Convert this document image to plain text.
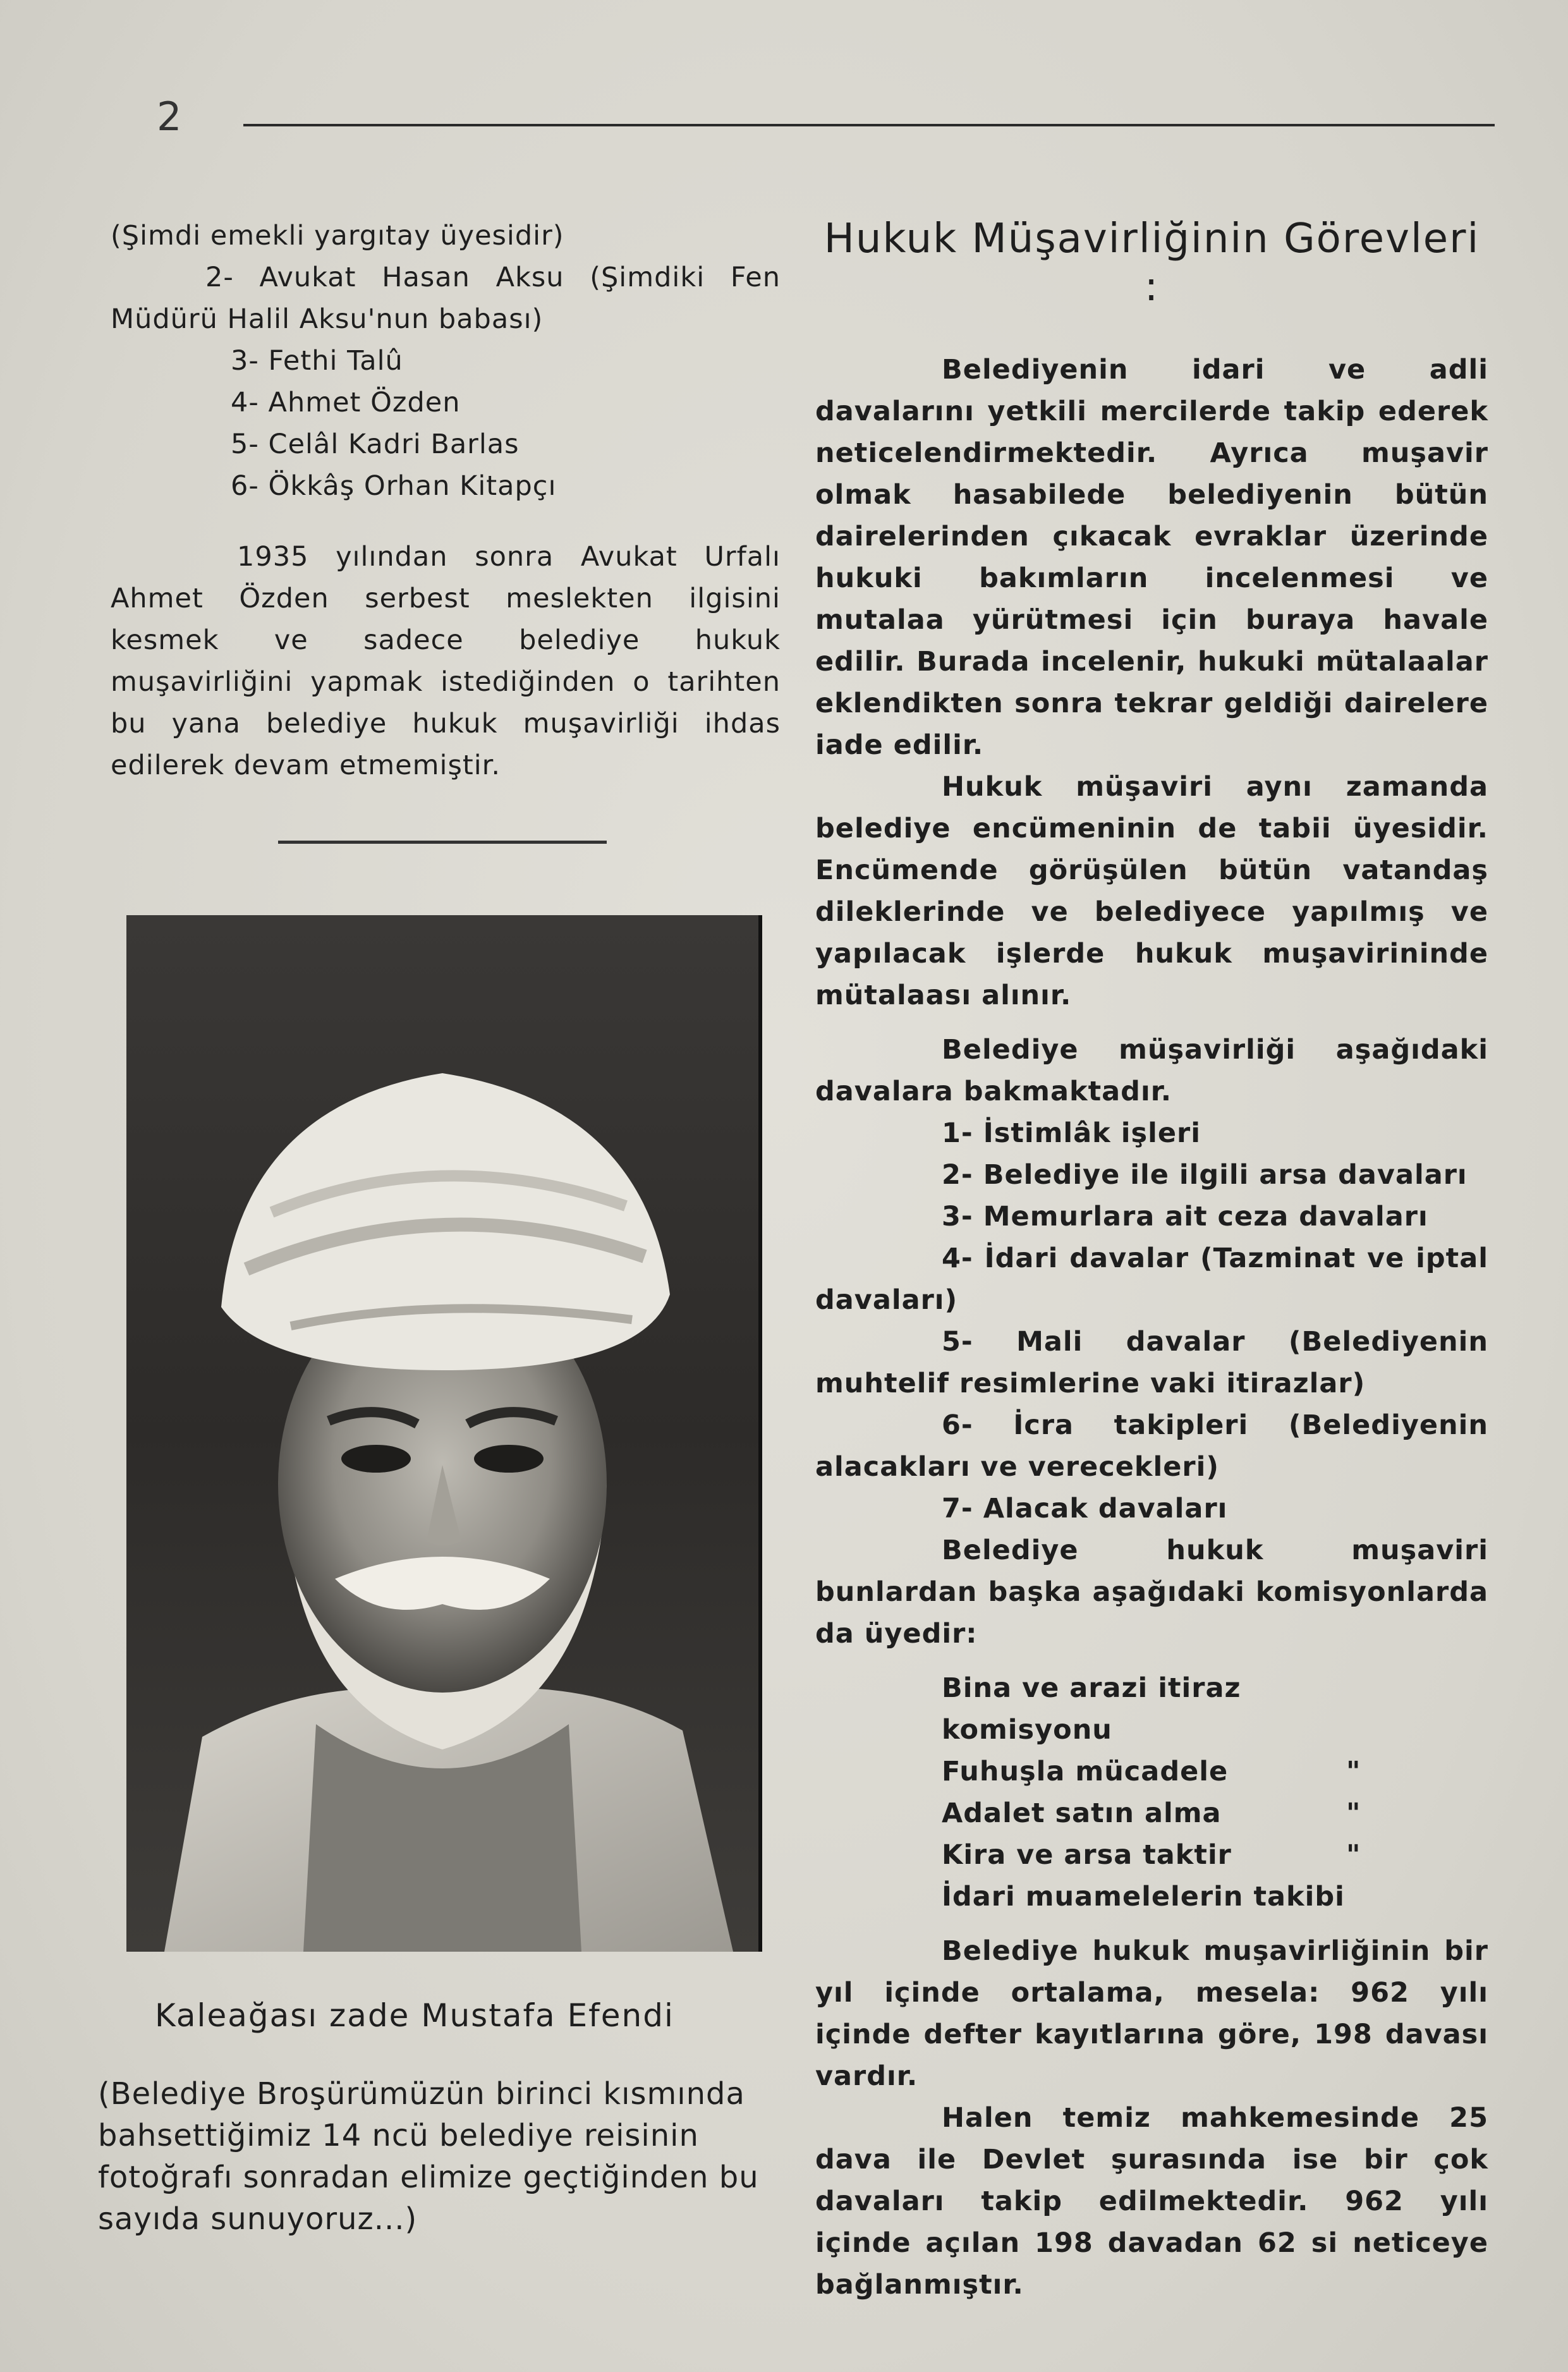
2

(Şimdi emekli yargıtay üyesidir)

2- Avukat Hasan Aksu (Şimdiki Fen Müdürü Halil Aksu'nun babası)

3- Fethi Talû

4- Ahmet Özden

5- Celâl Kadri Barlas

6- Ökkâş Orhan Kitapçı

1935 yılından sonra Avukat Urfalı Ahmet Özden serbest meslekten ilgisini kesmek ve sadece belediye hukuk muşavirliğini yapmak istediğinden o tarihten bu yana belediye hukuk muşavirliği ihdas edilerek devam etmemiştir.

Kaleağası zade Mustafa Efendi
(Belediye Broşürümüzün birinci kısmında bahsettiğimiz 14 ncü belediye reisinin fotoğrafı sonradan elimize geçtiğinden bu sayıda sunuyoruz...)

Hukuk Müşavirliğinin Görevleri :

Belediyenin idari ve adli davalarını yetkili mercilerde takip ederek neticelendirmektedir. Ayrıca muşavir olmak hasabilede belediyenin bütün dairelerinden çıkacak evraklar üzerinde hukuki bakımların incelenmesi ve mutalaa yürütmesi için buraya havale edilir. Burada incelenir, hukuki mütalaalar eklendikten sonra tekrar geldiği dairelere iade edilir.

Hukuk müşaviri aynı zamanda belediye encümeninin de tabii üyesidir. Encümende görüşülen bütün vatandaş dileklerinde ve belediyece yapılmış ve yapılacak işlerde hukuk muşavirininde mütalaası alınır.

Belediye müşavirliği aşağıdaki davalara bakmaktadır.

1- İstimlâk işleri

2- Belediye ile ilgili arsa davaları

3- Memurlara ait ceza davaları

4- İdari davalar (Tazminat ve iptal davaları)

5- Mali davalar (Belediyenin muhtelif resimlerine vaki itirazlar)

6- İcra takipleri (Belediyenin alacakları ve verecekleri)

7- Alacak davaları

Belediye hukuk muşaviri bunlardan başka aşağıdaki komisyonlarda da üyedir:

Bina ve arazi itiraz komisyonu
Fuhuşla mücadele	"
Adalet satın alma	"
Kira ve arsa taktir	"
İdari muamelelerin takibi

Belediye hukuk muşavirliğinin bir yıl içinde ortalama, mesela: 962 yılı içinde defter kayıtlarına göre, 198 davası vardır.

Halen temiz mahkemesinde 25 dava ile Devlet şurasında ise bir çok davaları takip edilmektedir. 962 yılı içinde açılan 198 davadan 62 si neticeye bağlanmıştır.
